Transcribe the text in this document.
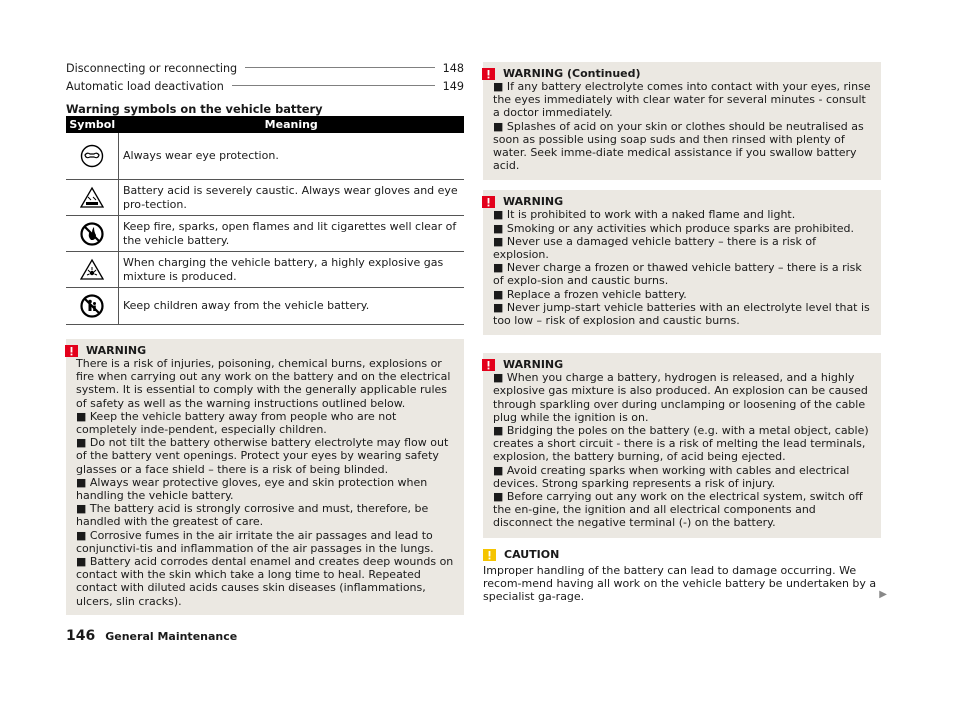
Disconnecting or reconnecting	148
Automatic load deactivation	149
Warning symbols on the vehicle battery
Symbol	Meaning
	Always wear eye protection.
	Battery acid is severely caustic. Always wear gloves and eye pro-tection.
	Keep fire, sparks, open flames and lit cigarettes well clear of the vehicle battery.
	When charging the vehicle battery, a highly explosive gas mixture is produced.
	Keep children away from the vehicle battery.
WARNING

There is a risk of injuries, poisoning, chemical burns, explosions or fire when carrying out any work on the battery and on the electrical system. It is essential to comply with the generally applicable rules of safety as well as the warning instructions outlined below.

■ Keep the vehicle battery away from people who are not completely inde-pendent, especially children.

■ Do not tilt the battery otherwise battery electrolyte may flow out of the battery vent openings. Protect your eyes by wearing safety glasses or a face shield – there is a risk of being blinded.

■ Always wear protective gloves, eye and skin protection when handling the vehicle battery.

■ The battery acid is strongly corrosive and must, therefore, be handled with the greatest of care.

■ Corrosive fumes in the air irritate the air passages and lead to conjunctivi-tis and inflammation of the air passages in the lungs.

■ Battery acid corrodes dental enamel and creates deep wounds on contact with the skin which take a long time to heal. Repeated contact with diluted acids causes skin diseases (inflammations, ulcers, slin cracks).

WARNING (Continued)

■ If any battery electrolyte comes into contact with your eyes, rinse the eyes immediately with clear water for several minutes - consult a doctor immediately.

■ Splashes of acid on your skin or clothes should be neutralised as soon as possible using soap suds and then rinsed with plenty of water. Seek imme-diate medical assistance if you swallow battery acid.

WARNING

■ It is prohibited to work with a naked flame and light.

■ Smoking or any activities which produce sparks are prohibited.

■ Never use a damaged vehicle battery – there is a risk of explosion.

■ Never charge a frozen or thawed vehicle battery – there is a risk of explo-sion and caustic burns.

■ Replace a frozen vehicle battery.

■ Never jump-start vehicle batteries with an electrolyte level that is too low – risk of explosion and caustic burns.

WARNING

■ When you charge a battery, hydrogen is released, and a highly explosive gas mixture is also produced. An explosion can be caused through sparkling over during unclamping or loosening of the cable plug while the ignition is on.

■ Bridging the poles on the battery (e.g. with a metal object, cable) creates a short circuit - there is a risk of melting the lead terminals, explosion, the battery burning, of acid being ejected.

■ Avoid creating sparks when working with cables and electrical devices. Strong sparking represents a risk of injury.

■ Before carrying out any work on the electrical system, switch off the en-gine, the ignition and all electrical components and disconnect the negative terminal (-) on the battery.

CAUTION
Improper handling of the battery can lead to damage occurring. We recom-mend having all work on the vehicle battery be undertaken by a specialist ga-rage.	▶
146 General Maintenance
